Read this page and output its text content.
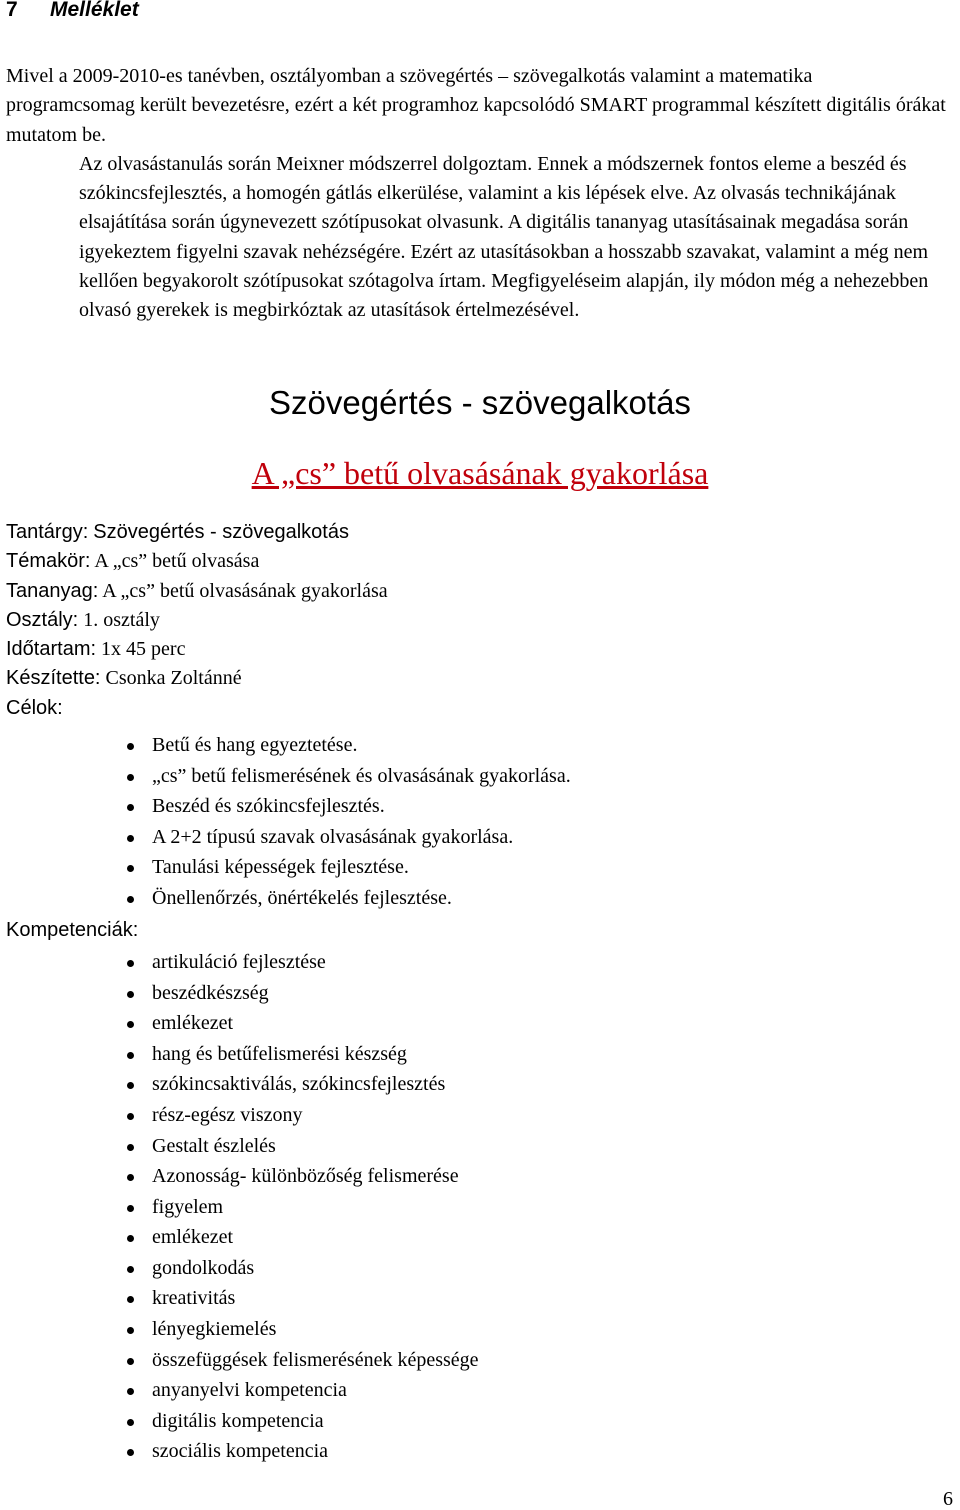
7 Melléklet

Mivel a 2009-2010-es tanévben, osztályomban a szövegértés – szövegalkotás valamint a matematika programcsomag került bevezetésre, ezért a két programhoz kapcsolódó SMART programmal készített digitális órákat mutatom be.

Az olvasástanulás során Meixner módszerrel dolgoztam. Ennek a módszernek fontos eleme a beszéd és szókincsfejlesztés, a homogén gátlás elkerülése, valamint a kis lépések elve. Az olvasás technikájának elsajátítása során úgynevezett szótípusokat olvasunk. A digitális tananyag utasításainak megadása során igyekeztem figyelni szavak nehézségére. Ezért az utasításokban a hosszabb szavakat, valamint a még nem kellően begyakorolt szótípusokat szótagolva írtam. Megfigyeléseim alapján, ily módon még a nehezebben olvasó gyerekek is megbirkóztak az utasítások értelmezésével.

Szövegértés - szövegalkotás
A „cs” betű olvasásának gyakorlása
Tantárgy: Szövegértés - szövegalkotás
Témakör: A „cs” betű olvasása
Tananyag: A „cs” betű olvasásának gyakorlása
Osztály: 1. osztály
Időtartam: 1x 45 perc
Készítette: Csonka Zoltánné
Célok:
Betű és hang egyeztetése.
„cs” betű felismerésének és olvasásának gyakorlása.
Beszéd és szókincsfejlesztés.
A 2+2 típusú szavak olvasásának gyakorlása.
Tanulási képességek fejlesztése.
Önellenőrzés, önértékelés fejlesztése.
Kompetenciák:
artikuláció fejlesztése
beszédkészség
emlékezet
hang és betűfelismerési készség
szókincsaktiválás, szókincsfejlesztés
rész-egész viszony
Gestalt észlelés
Azonosság- különbözőség felismerése
figyelem
emlékezet
gondolkodás
kreativitás
lényegkiemelés
összefüggések felismerésének képessége
anyanyelvi kompetencia
digitális kompetencia
szociális kompetencia
6
